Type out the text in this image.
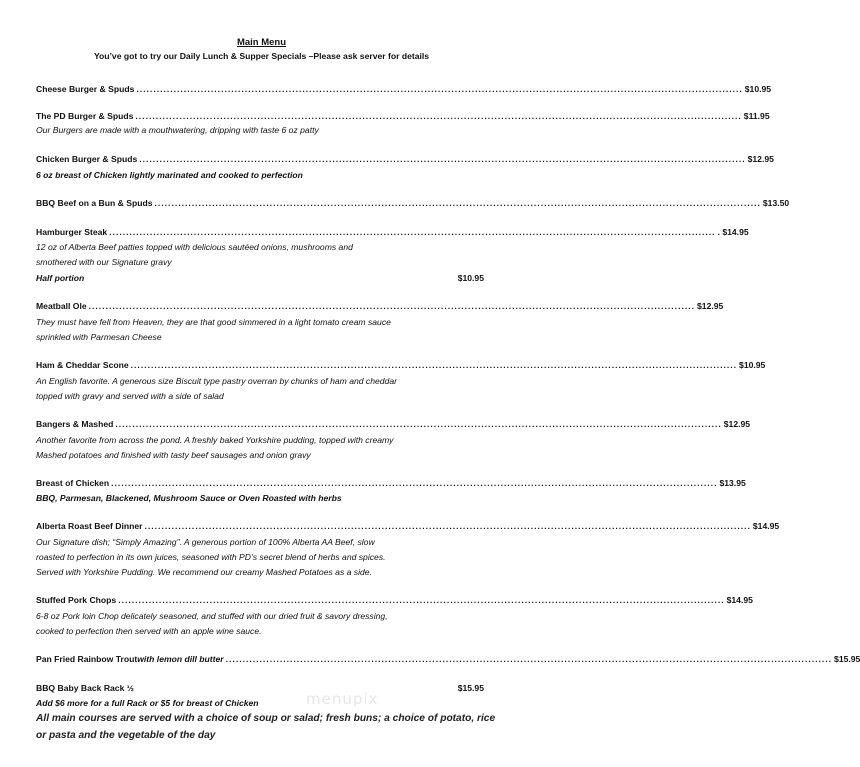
Main Menu
You’ve got to try our Daily Lunch & Supper Specials –Please ask server for details
Cheese Burger & Spuds ................................................................................................................................................................................... $10.95
The PD Burger & Spuds ................................................................................................................................................................................... $11.95
Our Burgers are made with a mouthwatering, dripping with taste 6 oz patty
Chicken Burger & Spuds ................................................................................................................................................................................... $12.95
6 oz breast of Chicken lightly marinated and cooked to perfection
BBQ Beef on a Bun & Spuds ................................................................................................................................................................................... $13.50
Hamburger Steak ................................................................................................................................................................................... . $14.95
12 oz of Alberta Beef patties topped with delicious sautéed onions, mushrooms and
smothered with our Signature gravy
Half portion	$10.95
Meatball Ole ................................................................................................................................................................................... $12.95
They must have fell from Heaven, they are that good simmered in a light tomato cream sauce
sprinkled with Parmesan Cheese
Ham & Cheddar Scone ................................................................................................................................................................................... $10.95
An English favorite. A generous size Biscuit type pastry overran by chunks of ham and cheddar
topped with gravy and served with a side of salad
Bangers & Mashed ................................................................................................................................................................................... $12.95
Another favorite from across the pond. A freshly baked Yorkshire pudding, topped with creamy
Mashed potatoes and finished with tasty beef sausages and onion gravy
Breast of Chicken ................................................................................................................................................................................... $13.95
BBQ, Parmesan, Blackened, Mushroom Sauce or Oven Roasted with herbs
Alberta Roast Beef Dinner ................................................................................................................................................................................... $14.95
Our Signature dish; “Simply Amazing”. A generous portion of 100% Alberta AA Beef, slow
roasted to perfection in its own juices, seasoned with PD’s secret blend of herbs and spices.
Served with Yorkshire Pudding. We recommend our creamy Mashed Potatoes as a side.
Stuffed Pork Chops ................................................................................................................................................................................... $14.95
6-8 oz Pork loin Chop delicately seasoned, and stuffed with our dried fruit & savory dressing,
cooked to perfection then served with an apple wine sauce.
Pan Fried Rainbow Trout with lemon dill butter ................................................................................................................................................................................... $15.95
BBQ Baby Back Rack ½	$15.95
Add $6 more for a full Rack or $5 for breast of Chicken
All main courses are served with a choice of soup or salad; fresh buns; a choice of potato, rice
or pasta and the vegetable of the day
menupix
